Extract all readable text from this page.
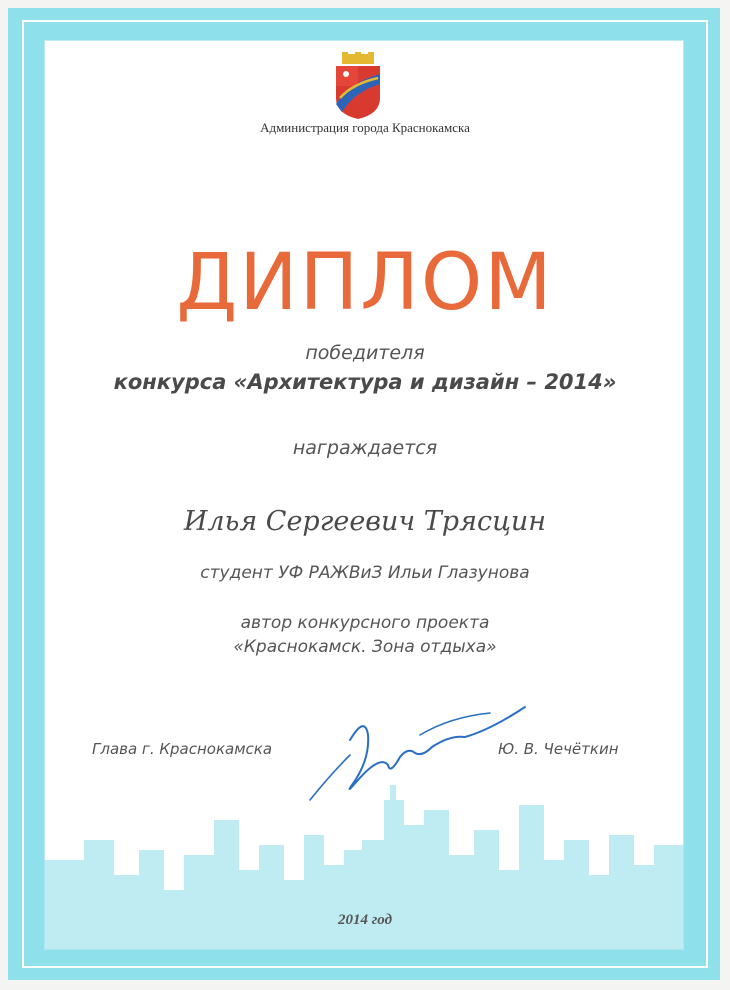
Администрация города Краснокамска
ДИПЛОМ
победителя
конкурса «Архитектура и дизайн – 2014»
награждается
Илья Сергеевич Трясцин
студент УФ РАЖВиЗ Ильи Глазунова
автор конкурсного проекта
«Краснокамск. Зона отдыха»
Глава г. Краснокамска	Ю. В. Чечёткин
2014 год
